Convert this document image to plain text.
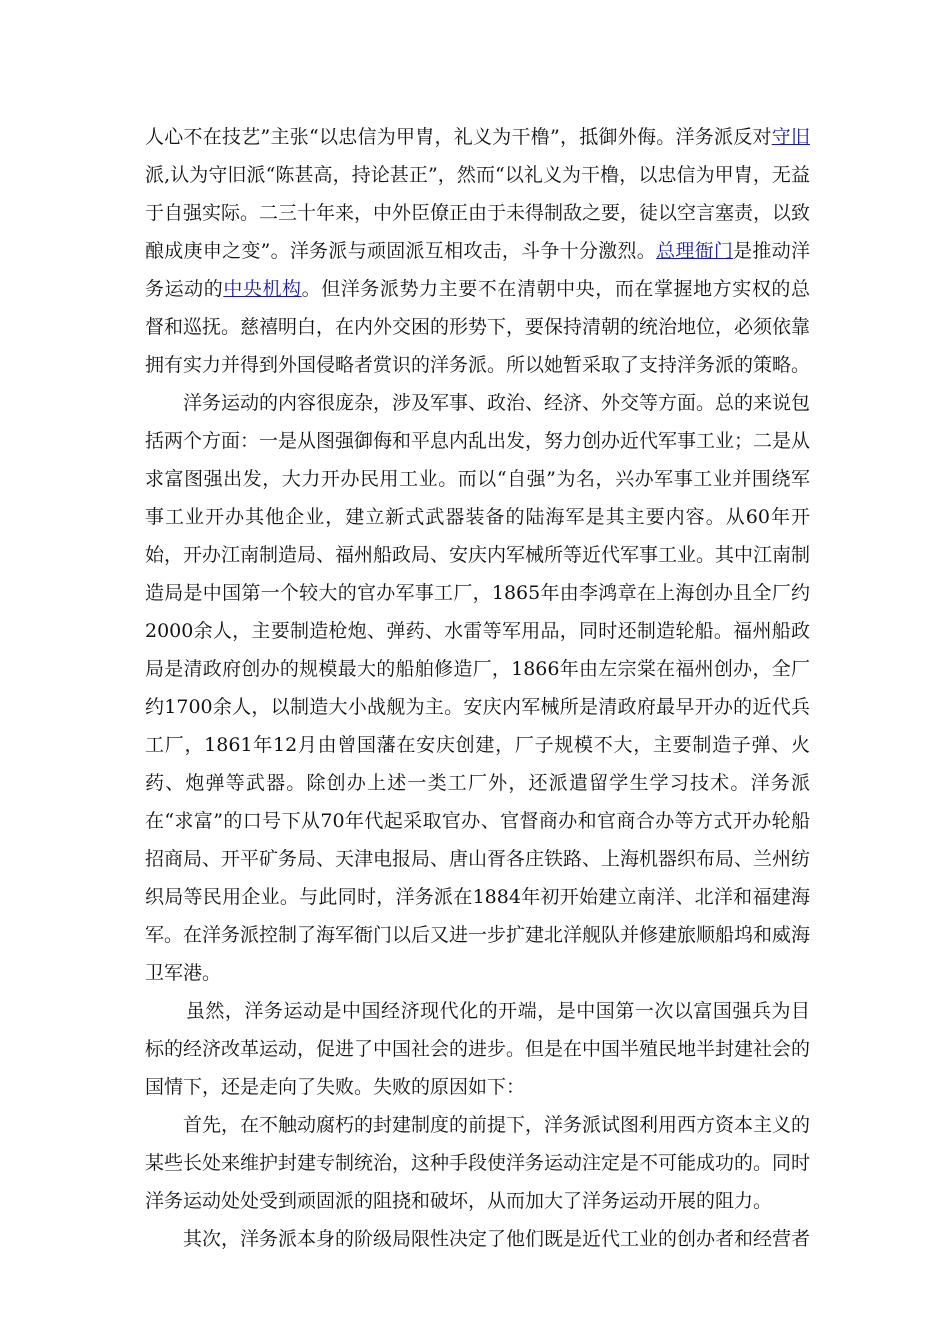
人心不在技艺”主张“以忠信为甲胄，礼义为干橹”，抵御外侮。洋务派反对守旧派,认为守旧派“陈甚高，持论甚正”，然而“以礼义为干橹，以忠信为甲胄，无益于自强实际。二三十年来，中外臣僚正由于未得制敌之要，徒以空言塞责，以致酿成庚申之变”。洋务派与顽固派互相攻击，斗争十分激烈。总理衙门是推动洋务运动的中央机构。但洋务派势力主要不在清朝中央，而在掌握地方实权的总督和巡抚。慈禧明白，在内外交困的形势下，要保持清朝的统治地位，必须依靠拥有实力并得到外国侵略者赏识的洋务派。所以她暂采取了支持洋务派的策略。

洋务运动的内容很庞杂，涉及军事、政治、经济、外交等方面。总的来说包括两个方面：一是从图强御侮和平息内乱出发，努力创办近代军事工业；二是从求富图强出发，大力开办民用工业。而以“自强”为名，兴办军事工业并围绕军事工业开办其他企业，建立新式武器装备的陆海军是其主要内容。从60年开始，开办江南制造局、福州船政局、安庆内军械所等近代军事工业。其中江南制造局是中国第一个较大的官办军事工厂，1865年由李鸿章在上海创办且全厂约2000余人，主要制造枪炮、弹药、水雷等军用品，同时还制造轮船。福州船政局是清政府创办的规模最大的船舶修造厂，1866年由左宗棠在福州创办，全厂约1700余人，以制造大小战舰为主。安庆内军械所是清政府最早开办的近代兵工厂，1861年12月由曾国藩在安庆创建，厂子规模不大，主要制造子弹、火药、炮弹等武器。除创办上述一类工厂外，还派遣留学生学习技术。洋务派在“求富”的口号下从70年代起采取官办、官督商办和官商合办等方式开办轮船招商局、开平矿务局、天津电报局、唐山胥各庄铁路、上海机器织布局、兰州纺织局等民用企业。与此同时，洋务派在1884年初开始建立南洋、北洋和福建海军。在洋务派控制了海军衙门以后又进一步扩建北洋舰队并修建旅顺船坞和威海卫军港。

虽然，洋务运动是中国经济现代化的开端，是中国第一次以富国强兵为目标的经济改革运动，促进了中国社会的进步。但是在中国半殖民地半封建社会的国情下，还是走向了失败。失败的原因如下：

首先，在不触动腐朽的封建制度的前提下，洋务派试图利用西方资本主义的某些长处来维护封建专制统治，这种手段使洋务运动注定是不可能成功的。同时洋务运动处处受到顽固派的阻挠和破坏，从而加大了洋务运动开展的阻力。

其次，洋务派本身的阶级局限性决定了他们既是近代工业的创办者和经营者
